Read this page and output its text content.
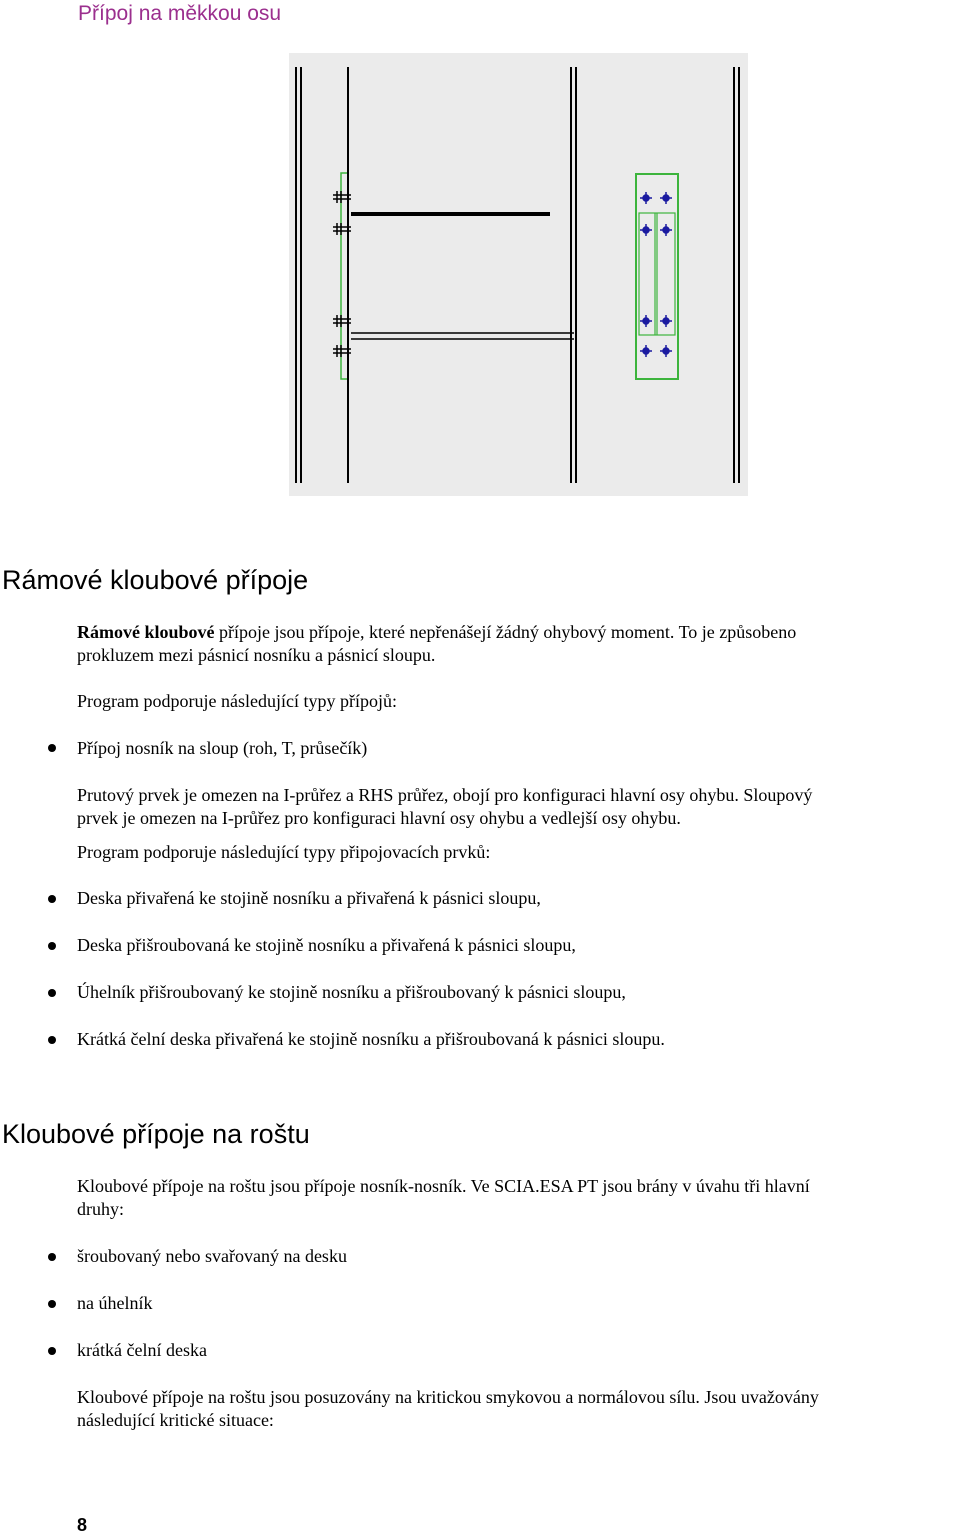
Přípoj na měkkou osu
Rámové kloubové přípoje

Rámové kloubové přípoje jsou přípoje, které nepřenášejí žádný ohybový moment. To je způsobeno

prokluzem mezi pásnicí nosníku a pásnicí sloupu.

Program podporuje následující typy přípojů:

Přípoj nosník na sloup (roh, T, průsečík)

Prutový prvek je omezen na I-průřez a RHS průřez, obojí pro konfiguraci hlavní osy ohybu. Sloupový

prvek je omezen na I-průřez pro konfiguraci hlavní osy ohybu a vedlejší osy ohybu.

Program podporuje následující typy připojovacích prvků:

Deska přivařená ke stojině nosníku a přivařená k pásnici sloupu,

Deska přišroubovaná ke stojině nosníku a přivařená k pásnici sloupu,

Úhelník přišroubovaný ke stojině nosníku a přišroubovaný k pásnici sloupu,

Krátká čelní deska přivařená ke stojině nosníku a přišroubovaná k pásnici sloupu.

Kloubové přípoje na roštu

Kloubové přípoje na roštu jsou přípoje nosník-nosník. Ve SCIA.ESA PT jsou brány v úvahu tři hlavní

druhy:

šroubovaný nebo svařovaný na desku

na úhelník

krátká čelní deska

Kloubové přípoje na roštu jsou posuzovány na kritickou smykovou a normálovou sílu. Jsou uvažovány

následující kritické situace:

8
